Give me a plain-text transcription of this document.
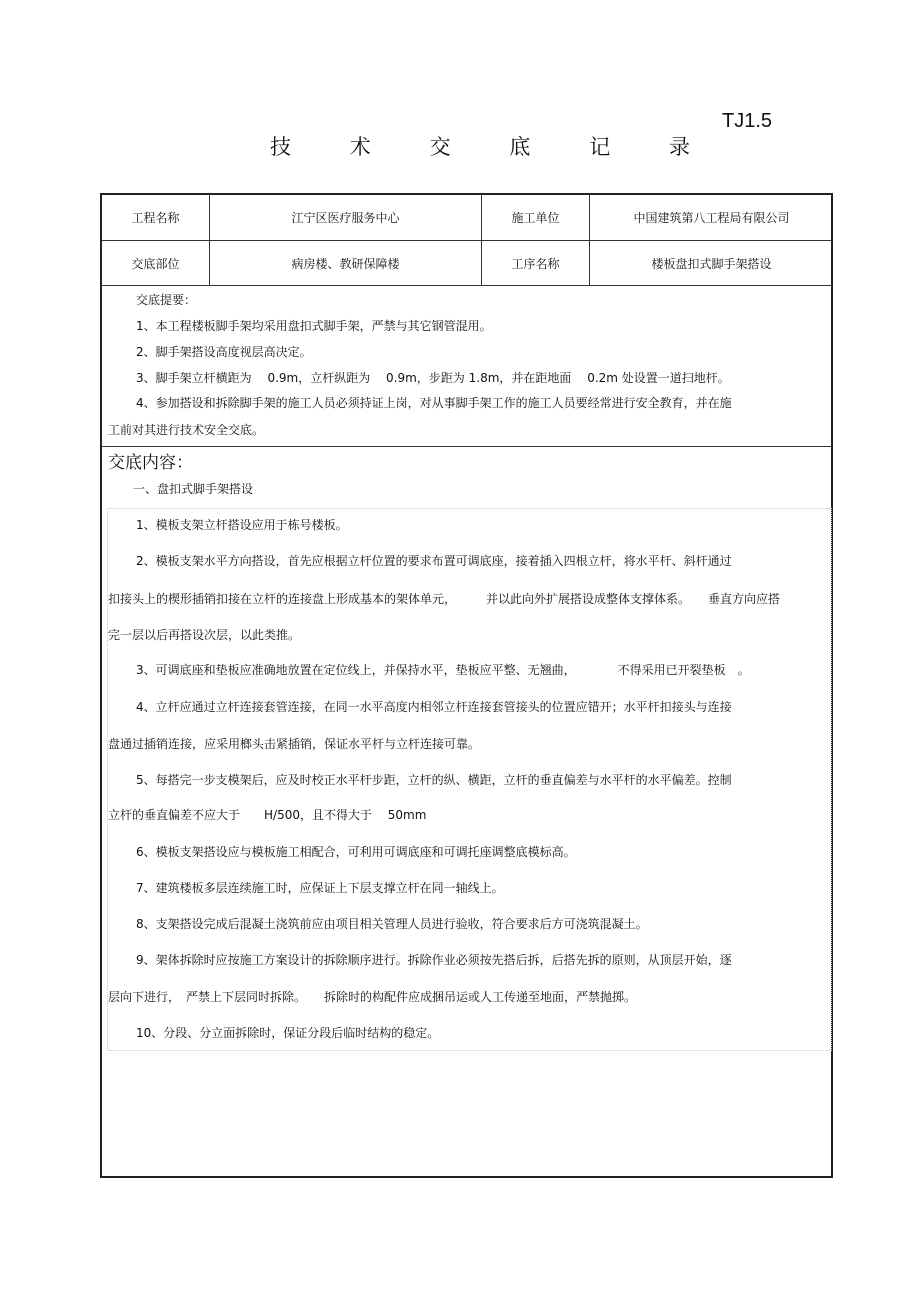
TJ1.5
技	术	交	底	记	录
工程名称	江宁区医疗服务中心	施工单位	中国建筑第八工程局有限公司
交底部位	病房楼、教研保障楼	工序名称	楼板盘扣式脚手架搭设
交底提要：
1、本工程楼板脚手架均采用盘扣式脚手架，严禁与其它钢管混用。
2、脚手架搭设高度视层高决定。
3、脚手架立杆横距为　 0.9m，立杆纵距为　 0.9m，步距为 1.8m，并在距地面　 0.2m 处设置一道扫地杆。
4、参加搭设和拆除脚手架的施工人员必须持证上岗，对从事脚手架工作的施工人员要经常进行安全教育，并在施
工前对其进行技术安全交底。
交底内容：
一、盘扣式脚手架搭设
1、模板支架立杆搭设应用于栋号楼板。
2、模板支架水平方向搭设，首先应根据立杆位置的要求布置可调底座，接着插入四根立杆，将水平杆、斜杆通过
扣接头上的楔形插销扣接在立杆的连接盘上形成基本的架体单元，　　　并以此向外扩展搭设成整体支撑体系。　　垂直方向应搭
完一层以后再搭设次层，以此类推。
3、可调底座和垫板应准确地放置在定位线上，并保持水平，垫板应平整、无翘曲，　　　　不得采用已开裂垫板　。
4、立杆应通过立杆连接套管连接，在同一水平高度内相邻立杆连接套管接头的位置应错开；水平杆扣接头与连接
盘通过插销连接，应采用榔头击紧插销，保证水平杆与立杆连接可靠。
5、每搭完一步支模架后，应及时校正水平杆步距，立杆的纵、横距，立杆的垂直偏差与水平杆的水平偏差。控制
立杆的垂直偏差不应大于　　H/500，且不得大于　 50mm
6、模板支架搭设应与模板施工相配合，可利用可调底座和可调托座调整底模标高。
7、建筑楼板多层连续施工时，应保证上下层支撑立杆在同一轴线上。
8、支架搭设完成后混凝土浇筑前应由项目相关管理人员进行验收，符合要求后方可浇筑混凝土。
9、架体拆除时应按施工方案设计的拆除顺序进行。拆除作业必须按先搭后拆，后搭先拆的原则，从顶层开始，逐
层向下进行，　严禁上下层同时拆除。　　拆除时的构配件应成捆吊运或人工传递至地面，严禁抛掷。
10、分段、分立面拆除时，保证分段后临时结构的稳定。
